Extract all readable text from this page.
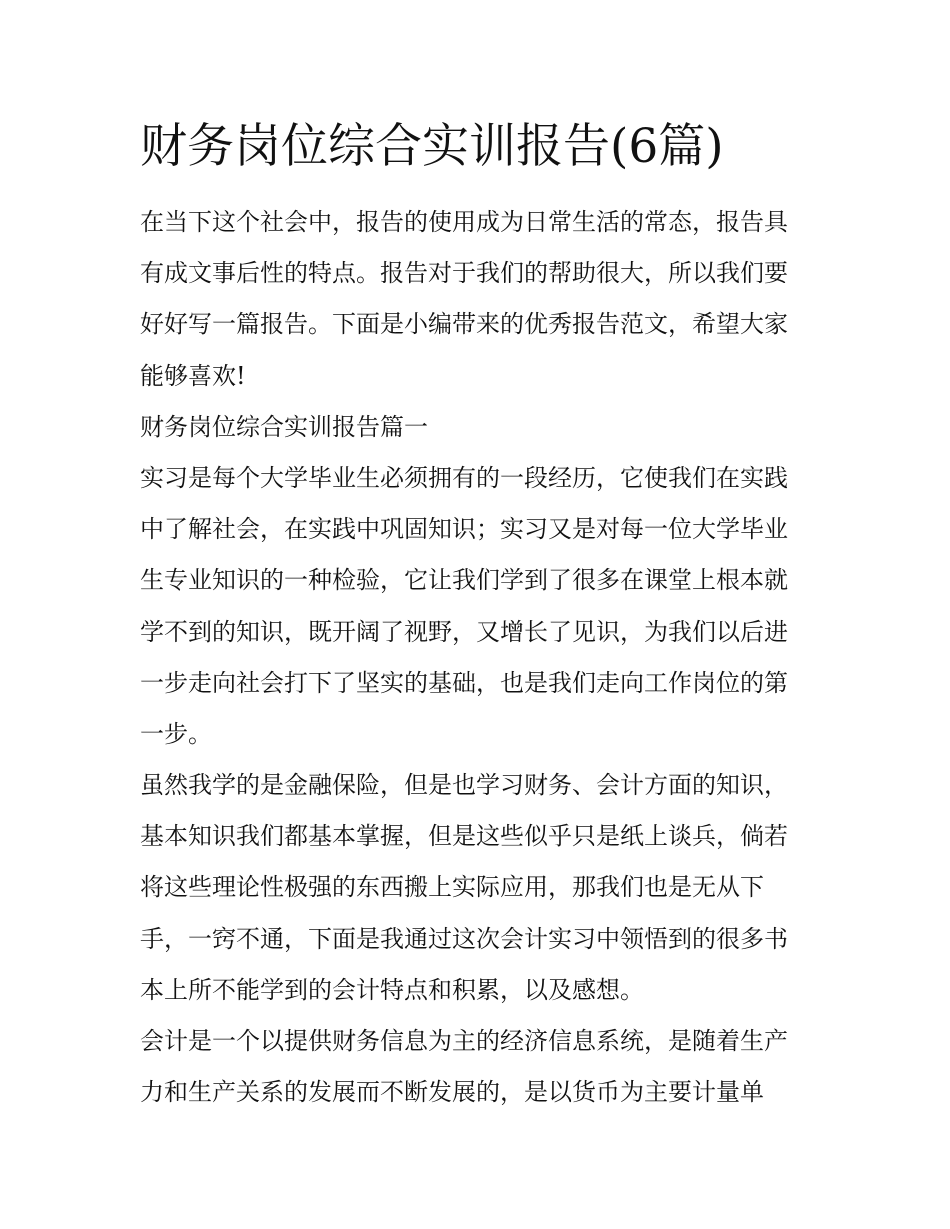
财务岗位综合实训报告(6篇)

在当下这个社会中，报告的使用成为日常生活的常态，报告具
有成文事后性的特点。报告对于我们的帮助很大，所以我们要
好好写一篇报告。下面是小编带来的优秀报告范文，希望大家
能够喜欢!

财务岗位综合实训报告篇一

实习是每个大学毕业生必须拥有的一段经历，它使我们在实践
中了解社会，在实践中巩固知识；实习又是对每一位大学毕业
生专业知识的一种检验，它让我们学到了很多在课堂上根本就
学不到的知识，既开阔了视野，又增长了见识，为我们以后进
一步走向社会打下了坚实的基础，也是我们走向工作岗位的第
一步。

虽然我学的是金融保险，但是也学习财务、会计方面的知识，
基本知识我们都基本掌握，但是这些似乎只是纸上谈兵，倘若
将这些理论性极强的东西搬上实际应用，那我们也是无从下
手，一窍不通，下面是我通过这次会计实习中领悟到的很多书
本上所不能学到的会计特点和积累，以及感想。

会计是一个以提供财务信息为主的经济信息系统，是随着生产
力和生产关系的发展而不断发展的，是以货币为主要计量单
